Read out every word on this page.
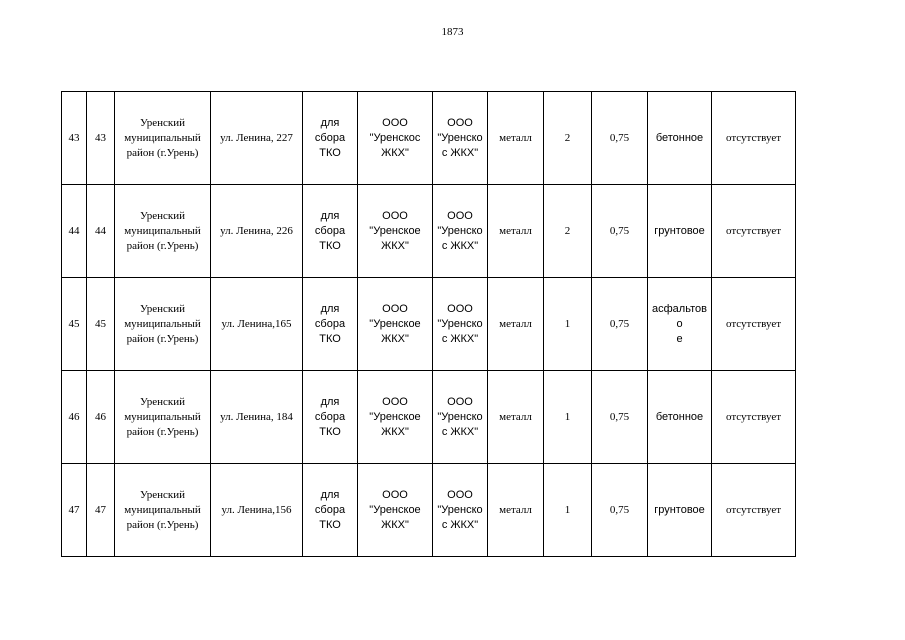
1873
43	43	Уренский
муниципальный
район (г.Урень)	ул. Ленина, 227	для
сбора
ТКО	ООО
"Уренскос
ЖКХ"	ООО
"Уренско
с ЖКХ"	металл	2	0,75	бетонное	отсутствует
44	44	Уренский
муниципальный
район (г.Урень)	ул. Ленина, 226	для
сбора
ТКО	ООО
"Уренское
ЖКХ"	ООО
"Уренско
с ЖКХ"	металл	2	0,75	грунтовое	отсутствует
45	45	Уренский
муниципальный
район (г.Урень)	ул. Ленина,165	для
сбора
ТКО	ООО
"Уренское
ЖКХ"	ООО
"Уренско
с ЖКХ"	металл	1	0,75	асфальтово
е	отсутствует
46	46	Уренский
муниципальный
район (г.Урень)	ул. Ленина, 184	для
сбора
ТКО	ООО
"Уренское
ЖКХ"	ООО
"Уренско
с ЖКХ"	металл	1	0,75	бетонное	отсутствует
47	47	Уренский
муниципальный
район (г.Урень)	ул. Ленина,156	для
сбора
ТКО	ООО
"Уренское
ЖКХ"	ООО
"Уренско
с ЖКХ"	металл	1	0,75	грунтовое	отсутствует
